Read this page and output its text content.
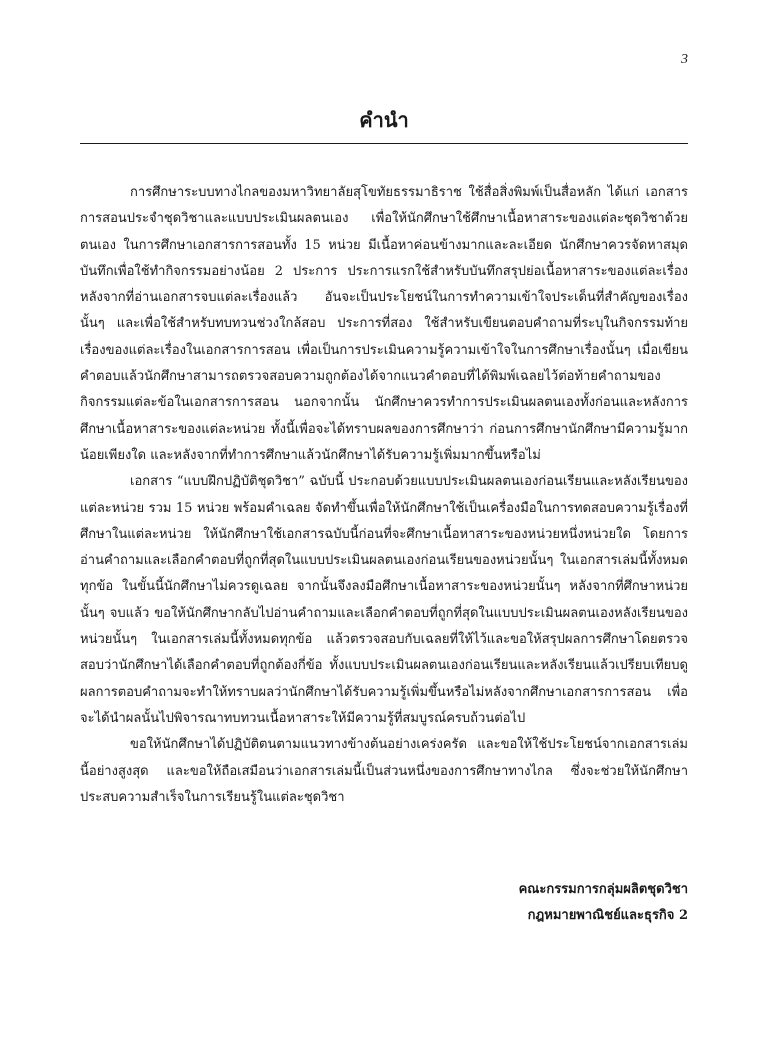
3
คำนำ

การศึกษาระบบทางไกลของมหาวิทยาลัยสุโขทัยธรรมาธิราช ใช้สื่อสิ่งพิมพ์เป็นสื่อหลัก ได้แก่ เอกสารการสอนประจำชุดวิชาและแบบประเมินผลตนเอง เพื่อให้นักศึกษาใช้ศึกษาเนื้อหาสาระของแต่ละชุดวิชาด้วยตนเอง ในการศึกษาเอกสารการสอนทั้ง 15 หน่วย มีเนื้อหาค่อนข้างมากและละเอียด นักศึกษาควรจัดหาสมุดบันทึกเพื่อใช้ทำกิจกรรมอย่างน้อย 2 ประการ ประการแรกใช้สำหรับบันทึกสรุปย่อเนื้อหาสาระของแต่ละเรื่อง หลังจากที่อ่านเอกสารจบแต่ละเรื่องแล้ว อันจะเป็นประโยชน์ในการทำความเข้าใจประเด็นที่สำคัญของเรื่องนั้นๆ และเพื่อใช้สำหรับทบทวนช่วงใกล้สอบ ประการที่สอง ใช้สำหรับเขียนตอบคำถามที่ระบุในกิจกรรมท้ายเรื่องของแต่ละเรื่องในเอกสารการสอน เพื่อเป็นการประเมินความรู้ความเข้าใจในการศึกษาเรื่องนั้นๆ เมื่อเขียนคำตอบแล้วนักศึกษาสามารถตรวจสอบความถูกต้องได้จากแนวคำตอบที่ได้พิมพ์เฉลยไว้ต่อท้ายคำถามของกิจกรรมแต่ละข้อในเอกสารการสอน นอกจากนั้น นักศึกษาควรทำการประเมินผลตนเองทั้งก่อนและหลังการศึกษาเนื้อหาสาระของแต่ละหน่วย ทั้งนี้เพื่อจะได้ทราบผลของการศึกษาว่า ก่อนการศึกษานักศึกษามีความรู้มากน้อยเพียงใด และหลังจากที่ทำการศึกษาแล้วนักศึกษาได้รับความรู้เพิ่มมากขึ้นหรือไม่

เอกสาร “แบบฝึกปฏิบัติชุดวิชา” ฉบับนี้ ประกอบด้วยแบบประเมินผลตนเองก่อนเรียนและหลังเรียนของแต่ละหน่วย รวม 15 หน่วย พร้อมคำเฉลย จัดทำขึ้นเพื่อให้นักศึกษาใช้เป็นเครื่องมือในการทดสอบความรู้เรื่องที่ศึกษาในแต่ละหน่วย ให้นักศึกษาใช้เอกสารฉบับนี้ก่อนที่จะศึกษาเนื้อหาสาระของหน่วยหนึ่งหน่วยใด โดยการอ่านคำถามและเลือกคำตอบที่ถูกที่สุดในแบบประเมินผลตนเองก่อนเรียนของหน่วยนั้นๆ ในเอกสารเล่มนี้ทั้งหมดทุกข้อ ในขั้นนี้นักศึกษาไม่ควรดูเฉลย จากนั้นจึงลงมือศึกษาเนื้อหาสาระของหน่วยนั้นๆ หลังจากที่ศึกษาหน่วยนั้นๆ จบแล้ว ขอให้นักศึกษากลับไปอ่านคำถามและเลือกคำตอบที่ถูกที่สุดในแบบประเมินผลตนเองหลังเรียนของหน่วยนั้นๆ ในเอกสารเล่มนี้ทั้งหมดทุกข้อ แล้วตรวจสอบกับเฉลยที่ให้ไว้และขอให้สรุปผลการศึกษาโดยตรวจสอบว่านักศึกษาได้เลือกคำตอบที่ถูกต้องกี่ข้อ ทั้งแบบประเมินผลตนเองก่อนเรียนและหลังเรียนแล้วเปรียบเทียบดูผลการตอบคำถามจะทำให้ทราบผลว่านักศึกษาได้รับความรู้เพิ่มขึ้นหรือไม่หลังจากศึกษาเอกสารการสอน เพื่อจะได้นำผลนั้นไปพิจารณาทบทวนเนื้อหาสาระให้มีความรู้ที่สมบูรณ์ครบถ้วนต่อไป

ขอให้นักศึกษาได้ปฏิบัติตนตามแนวทางข้างต้นอย่างเคร่งครัด และขอให้ใช้ประโยชน์จากเอกสารเล่มนี้อย่างสูงสุด และขอให้ถือเสมือนว่าเอกสารเล่มนี้เป็นส่วนหนึ่งของการศึกษาทางไกล ซึ่งจะช่วยให้นักศึกษาประสบความสำเร็จในการเรียนรู้ในแต่ละชุดวิชา

คณะกรรมการกลุ่มผลิตชุดวิชา
กฎหมายพาณิชย์และธุรกิจ 2
